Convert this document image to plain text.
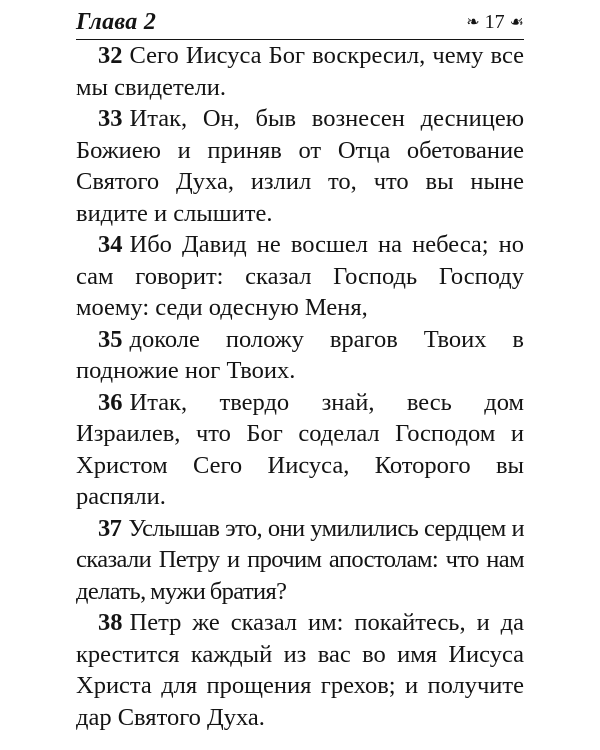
Глава 2	❧ 17 ☙

32 Сего Иисуса Бог воскресил, чему все мы свидетели.

33 Итак, Он, быв вознесен десницею Божиею и приняв от Отца обетование Святого Духа, излил то, что вы ныне видите и слышите.

34 Ибо Давид не восшел на небеса; но сам говорит: сказал Господь Господу моему: седи одесную Меня,

35 доколе положу врагов Твоих в подножие ног Твоих.

36 Итак, твердо знай, весь дом Израилев, что Бог соделал Господом и Христом Сего Иисуса, Которого вы распяли.

37 Услышав это, они умилились сердцем и сказали Петру и прочим апостолам: что нам делать, мужи братия?

38 Петр же сказал им: покайтесь, и да крестится каждый из вас во имя Иисуса Христа для прощения грехов; и получите дар Святого Духа.
